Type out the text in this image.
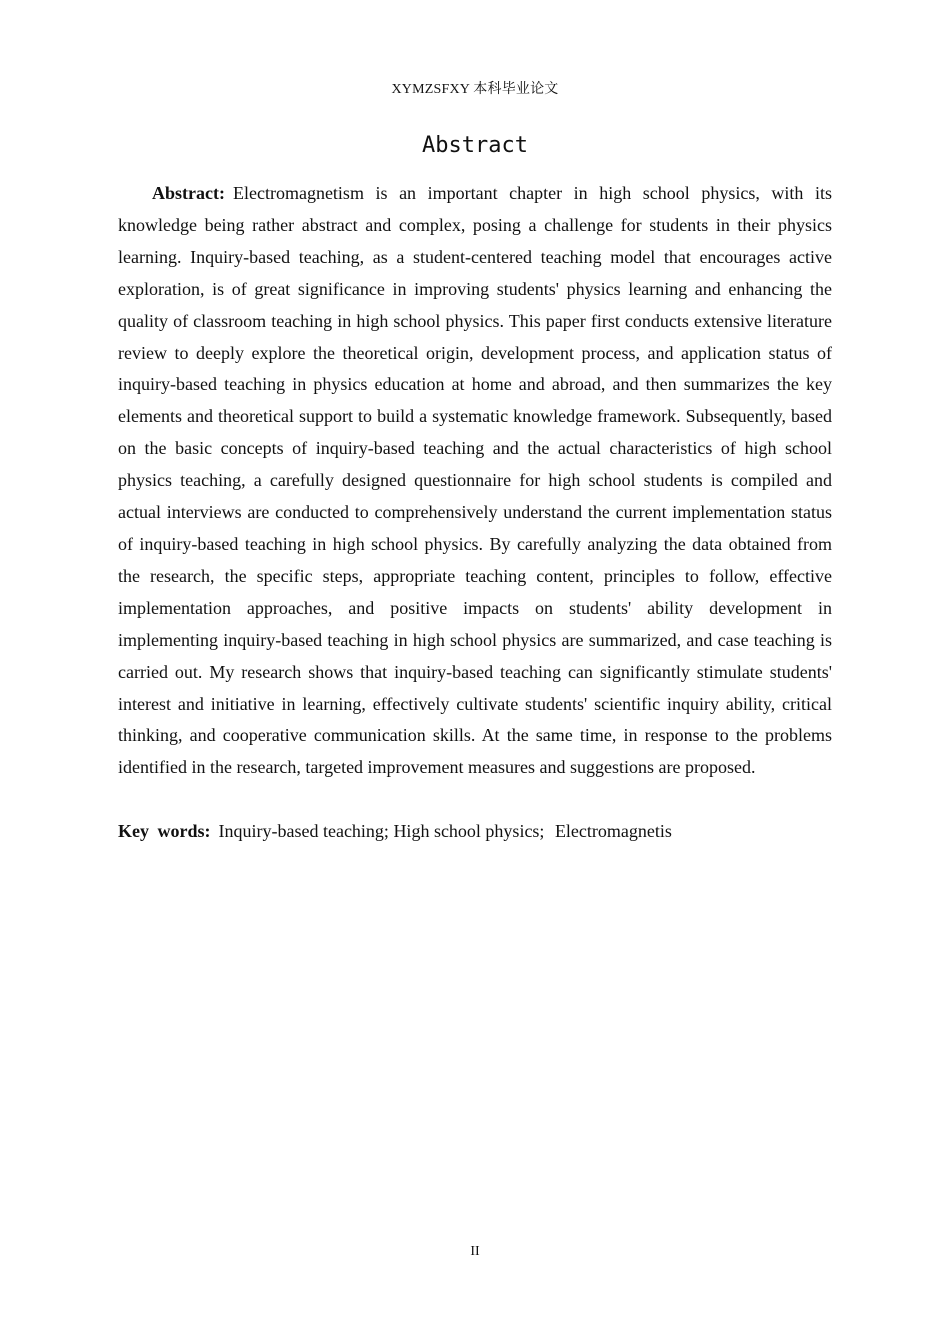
XYMZSFXY 本科毕业论文
Abstract

Abstract: Electromagnetism is an important chapter in high school physics, with its knowledge being rather abstract and complex, posing a challenge for students in their physics learning. Inquiry-based teaching, as a student-centered teaching model that encourages active exploration, is of great significance in improving students' physics learning and enhancing the quality of classroom teaching in high school physics. This paper first conducts extensive literature review to deeply explore the theoretical origin, development process, and application status of inquiry-based teaching in physics education at home and abroad, and then summarizes the key elements and theoretical support to build a systematic knowledge framework. Subsequently, based on the basic concepts of inquiry-based teaching and the actual characteristics of high school physics teaching, a carefully designed questionnaire for high school students is compiled and actual interviews are conducted to comprehensively understand the current implementation status of inquiry-based teaching in high school physics. By carefully analyzing the data obtained from the research, the specific steps, appropriate teaching content, principles to follow, effective implementation approaches, and positive impacts on students' ability development in implementing inquiry-based teaching in high school physics are summarized, and case teaching is carried out. My research shows that inquiry-based teaching can significantly stimulate students' interest and initiative in learning, effectively cultivate students' scientific inquiry ability, critical thinking, and cooperative communication skills. At the same time, in response to the problems identified in the research, targeted improvement measures and suggestions are proposed.

Key words: Inquiry-based teaching; High school physics; Electromagnetis

II
